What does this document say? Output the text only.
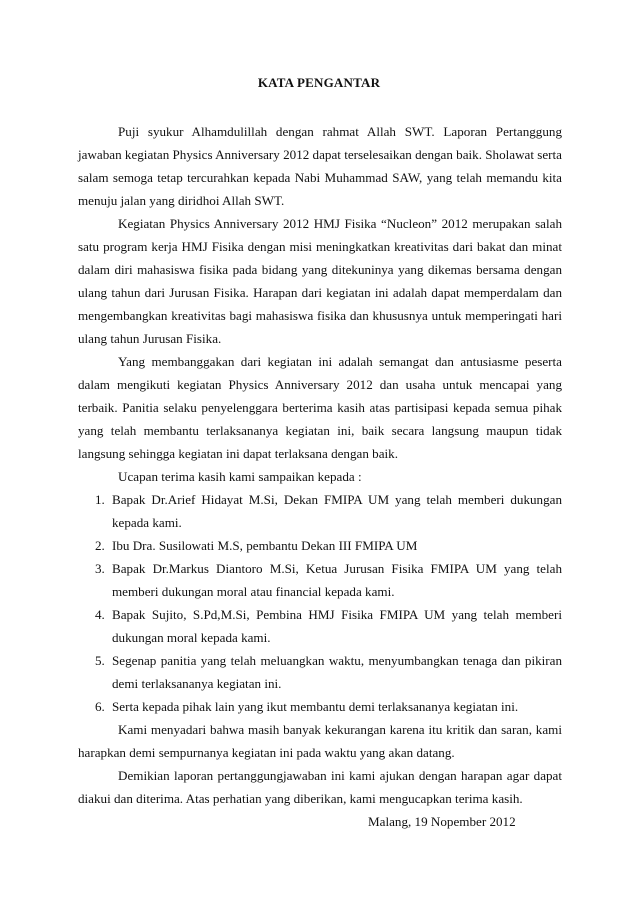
KATA PENGANTAR

Puji syukur Alhamdulillah dengan rahmat Allah SWT. Laporan Pertanggung jawaban kegiatan Physics Anniversary 2012 dapat terselesaikan dengan baik. Sholawat serta salam semoga tetap tercurahkan kepada Nabi Muhammad SAW, yang telah memandu kita menuju jalan yang diridhoi Allah SWT.

Kegiatan Physics Anniversary 2012 HMJ Fisika “Nucleon” 2012 merupakan salah satu program kerja HMJ Fisika dengan misi meningkatkan kreativitas dari bakat dan minat dalam diri mahasiswa fisika pada bidang yang ditekuninya yang dikemas bersama dengan ulang tahun dari Jurusan Fisika. Harapan dari kegiatan ini adalah dapat memperdalam dan mengembangkan kreativitas bagi mahasiswa fisika dan khususnya untuk memperingati hari ulang tahun Jurusan Fisika.

Yang membanggakan dari kegiatan ini adalah semangat dan antusiasme peserta dalam mengikuti kegiatan Physics Anniversary 2012 dan usaha untuk mencapai yang terbaik. Panitia selaku penyelenggara berterima kasih atas partisipasi kepada semua pihak yang telah membantu terlaksananya kegiatan ini, baik secara langsung maupun tidak langsung sehingga kegiatan ini dapat terlaksana dengan baik.

Ucapan terima kasih kami sampaikan kepada :

1. Bapak Dr.Arief Hidayat M.Si, Dekan FMIPA UM yang telah memberi dukungan kepada kami.
2. Ibu Dra. Susilowati M.S, pembantu Dekan III FMIPA UM
3. Bapak Dr.Markus Diantoro M.Si, Ketua Jurusan Fisika FMIPA UM yang telah memberi dukungan moral atau financial kepada kami.
4. Bapak Sujito, S.Pd,M.Si, Pembina HMJ Fisika FMIPA UM yang telah memberi dukungan moral kepada kami.
5. Segenap panitia yang telah meluangkan waktu, menyumbangkan tenaga dan pikiran demi terlaksananya kegiatan ini.
6. Serta kepada pihak lain yang ikut membantu demi terlaksananya kegiatan ini.

Kami menyadari bahwa masih banyak kekurangan karena itu kritik dan saran, kami harapkan demi sempurnanya kegiatan ini pada waktu yang akan datang.

Demikian laporan pertanggungjawaban ini kami ajukan dengan harapan agar dapat diakui dan diterima. Atas perhatian yang diberikan, kami mengucapkan terima kasih.

Malang, 19 Nopember 2012
